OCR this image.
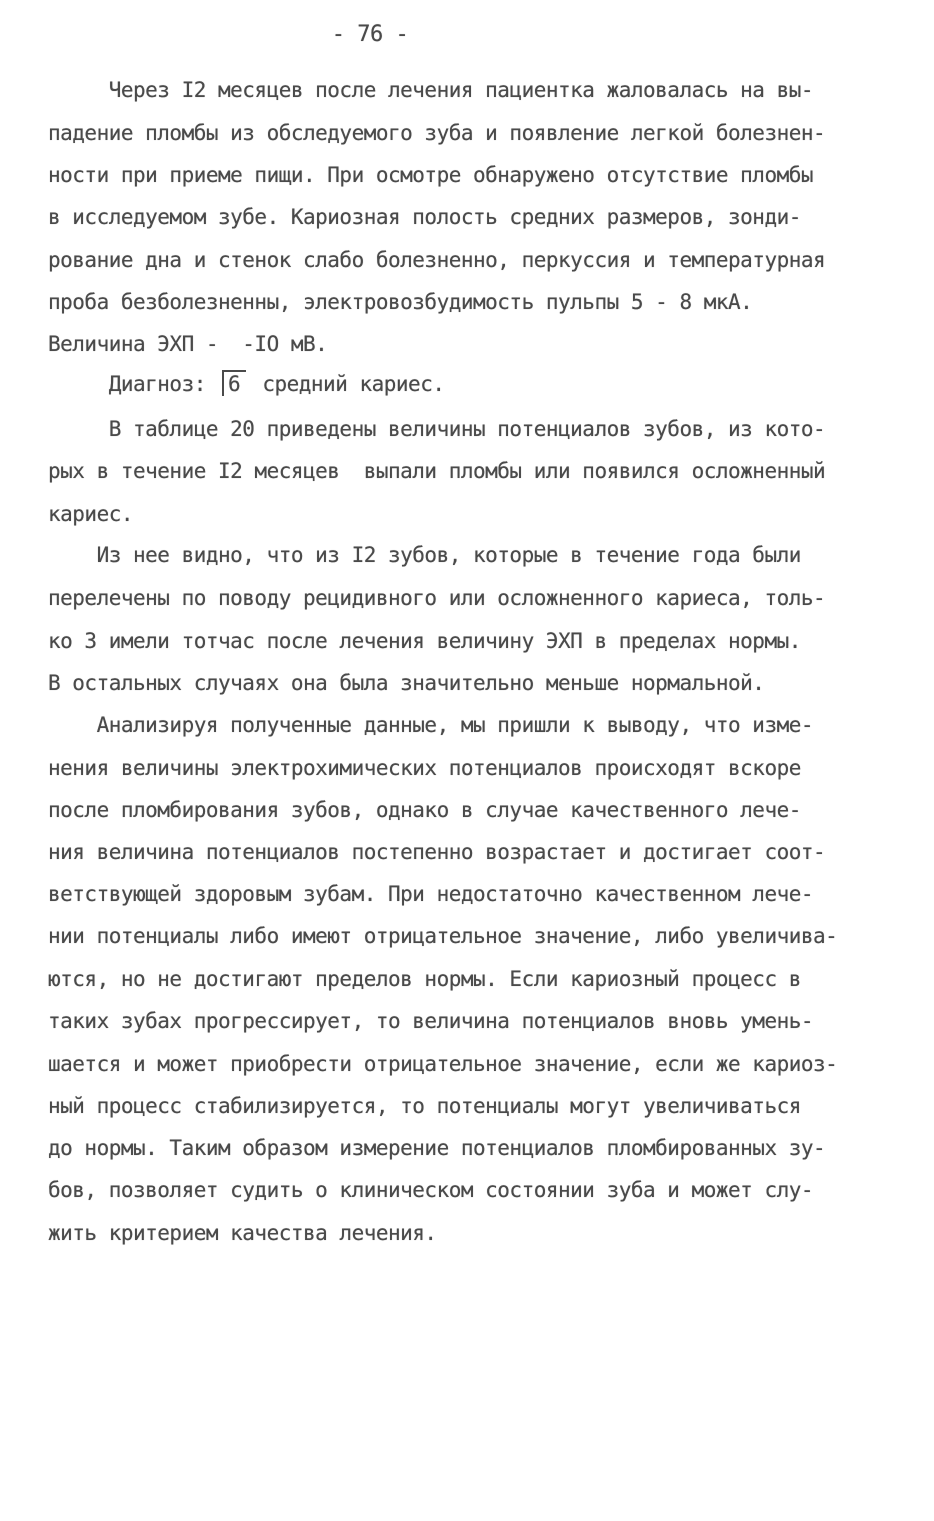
- 76 -
Через I2 месяцев после лечения пациентка жаловалась на вы-
падение пломбы из обследуемого зуба и появление легкой болезнен-
ности при приеме пищи. При осмотре обнаружено отсутствие пломбы
в исследуемом зубе. Кариозная полость средних размеров, зонди-
рование дна и стенок слабо болезненно, перкуссия и температурная
проба безболезненны, электровозбудимость пульпы 5 - 8 мкА.
Величина ЭХП -  -IO мВ.
Диагноз: 6 средний кариес.
В таблице 20 приведены величины потенциалов зубов, из кото-
рых в течение I2 месяцев  выпали пломбы или появился осложненный
кариес.
Из нее видно, что из I2 зубов, которые в течение года были
перелечены по поводу рецидивного или осложненного кариеса, толь-
ко 3 имели тотчас после лечения величину ЭХП в пределах нормы.
В остальных случаях она была значительно меньше нормальной.
Анализируя полученные данные, мы пришли к выводу, что изме-
нения величины электрохимических потенциалов происходят вскоре
после пломбирования зубов, однако в случае качественного лече-
ния величина потенциалов постепенно возрастает и достигает соот-
ветствующей здоровым зубам. При недостаточно качественном лече-
нии потенциалы либо имеют отрицательное значение, либо увеличива-
ются, но не достигают пределов нормы. Если кариозный процесс в
таких зубах прогрессирует, то величина потенциалов вновь умень-
шается и может приобрести отрицательное значение, если же кариоз-
ный процесс стабилизируется, то потенциалы могут увеличиваться
до нормы. Таким образом измерение потенциалов пломбированных зу-
бов, позволяет судить о клиническом состоянии зуба и может слу-
жить критерием качества лечения.
